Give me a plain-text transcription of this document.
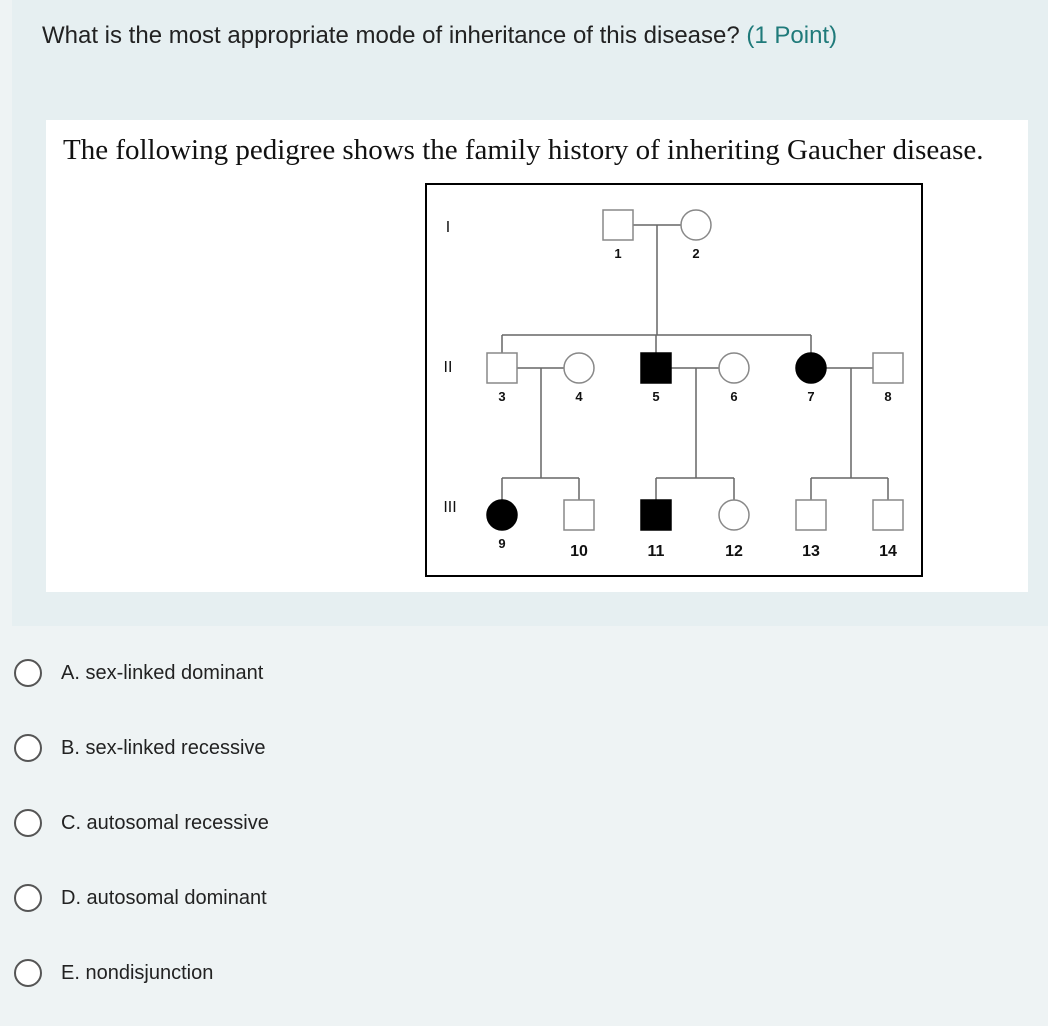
What is the most appropriate mode of inheritance of this disease? (1 Point)
The following pedigree shows the family history of inheriting Gaucher disease.
I
II
III
1	2
3	4	5	6	7	8
9	10	11	12	13	14
A. sex-linked dominant
B. sex-linked recessive
C. autosomal recessive
D. autosomal dominant
E. nondisjunction
